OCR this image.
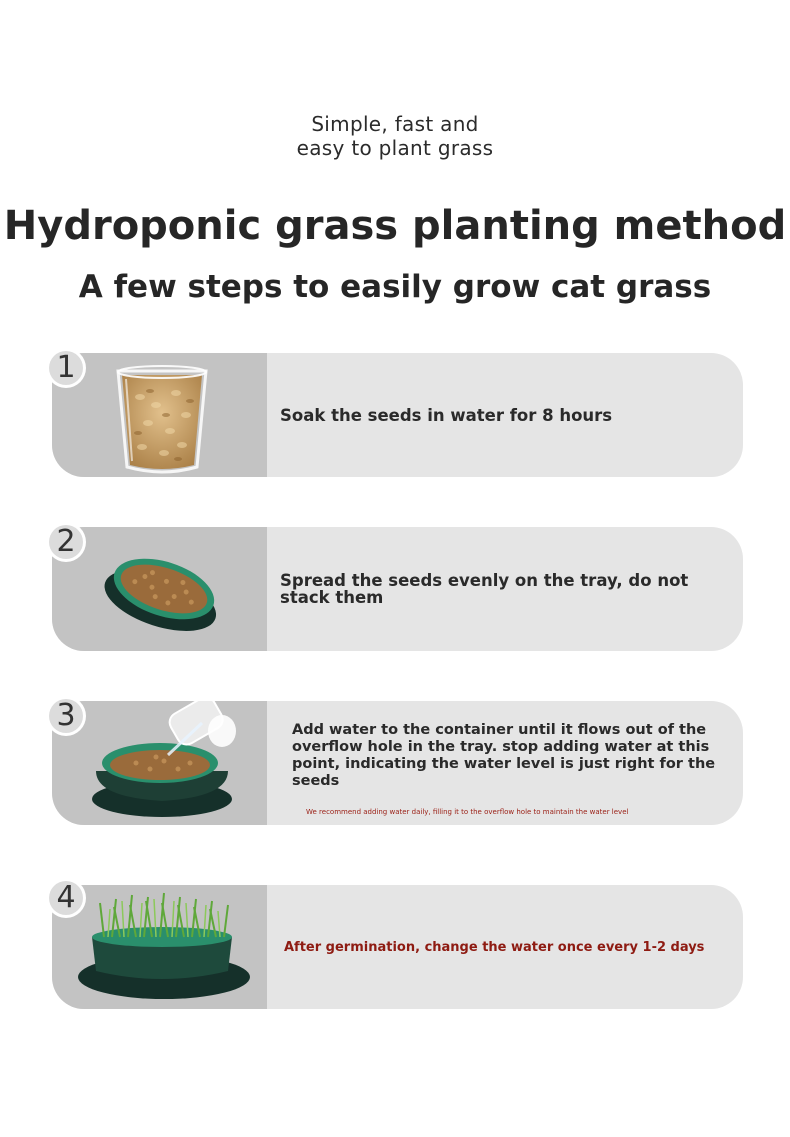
Simple, fast and
easy to plant grass
Hydroponic grass planting method
A few steps to easily grow cat grass
Soak the seeds in water for 8 hours
1
Spread the seeds evenly on the tray, do not stack them
2
Add water to the container until it flows out of the overflow hole in the tray. stop adding water at this point, indicating the water level is just right for the seeds
We recommend adding water daily, filling it to the overflow hole to maintain the water level
3
After germination, change the water once every 1-2 days
4
